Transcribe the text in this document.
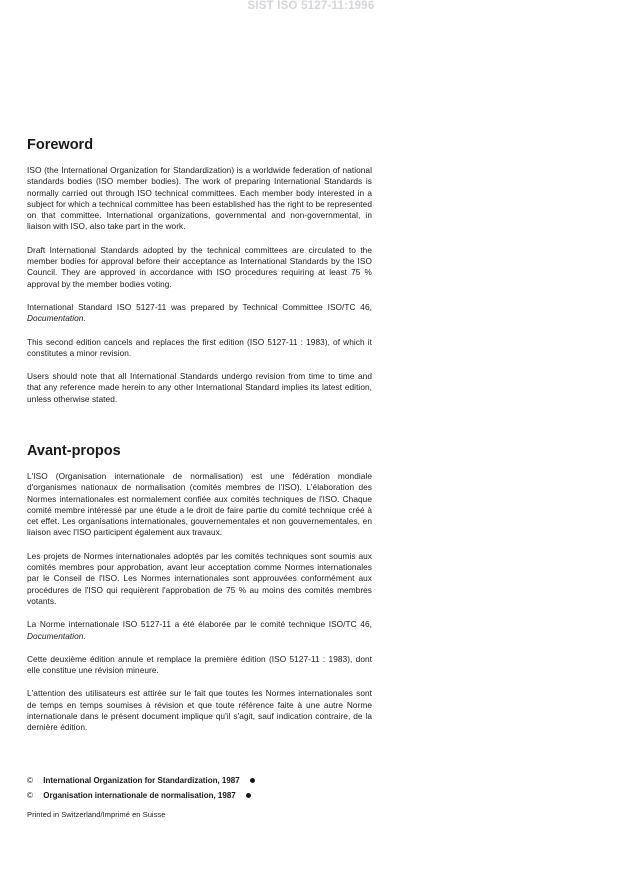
SIST ISO 5127-11:1996
Foreword

ISO (the International Organization for Standardization) is a worldwide federation of national standards bodies (ISO member bodies). The work of preparing International Standards is normally carried out through ISO technical committees. Each member body interested in a subject for which a technical committee has been established has the right to be represented on that committee. International organizations, governmental and non-governmental, in liaison with ISO, also take part in the work.

Draft International Standards adopted by the technical committees are circulated to the member bodies for approval before their acceptance as International Standards by the ISO Council. They are approved in accordance with ISO procedures requiring at least 75 % approval by the member bodies voting.

International Standard ISO 5127-11 was prepared by Technical Committee ISO/TC 46, Documentation.

This second edition cancels and replaces the first edition (ISO 5127-11 : 1983), of which it constitutes a minor revision.

Users should note that all International Standards undergo revision from time to time and that any reference made herein to any other International Standard implies its latest edition, unless otherwise stated.

Avant-propos

L'ISO (Organisation internationale de normalisation) est une fédération mondiale d'organismes nationaux de normalisation (comités membres de l'ISO). L'élaboration des Normes internationales est normalement confiée aux comités techniques de l'ISO. Chaque comité membre intéressé par une étude a le droit de faire partie du comité technique créé à cet effet. Les organisations internationales, gouvernementales et non gouvernementales, en liaison avec l'ISO participent également aux travaux.

Les projets de Normes internationales adoptés par les comités techniques sont soumis aux comités membres pour approbation, avant leur acceptation comme Normes internationales par le Conseil de l'ISO. Les Normes internationales sont approuvées conformément aux procédures de l'ISO qui requièrent l'approbation de 75 % au moins des comités membres votants.

La Norme internationale ISO 5127-11 a été élaborée par le comité technique ISO/TC 46, Documentation.

Cette deuxième édition annule et remplace la première édition (ISO 5127-11 : 1983), dont elle constitue une révision mineure.

L'attention des utilisateurs est attirée sur le fait que toutes les Normes internationales sont de temps en temps soumises à révision et que toute référence faite à une autre Norme internationale dans le présent document implique qu'il s'agit, sauf indication contraire, de la dernière édition.

© International Organization for Standardization, 1987
© Organisation internationale de normalisation, 1987
Printed in Switzerland/Imprimé en Suisse
